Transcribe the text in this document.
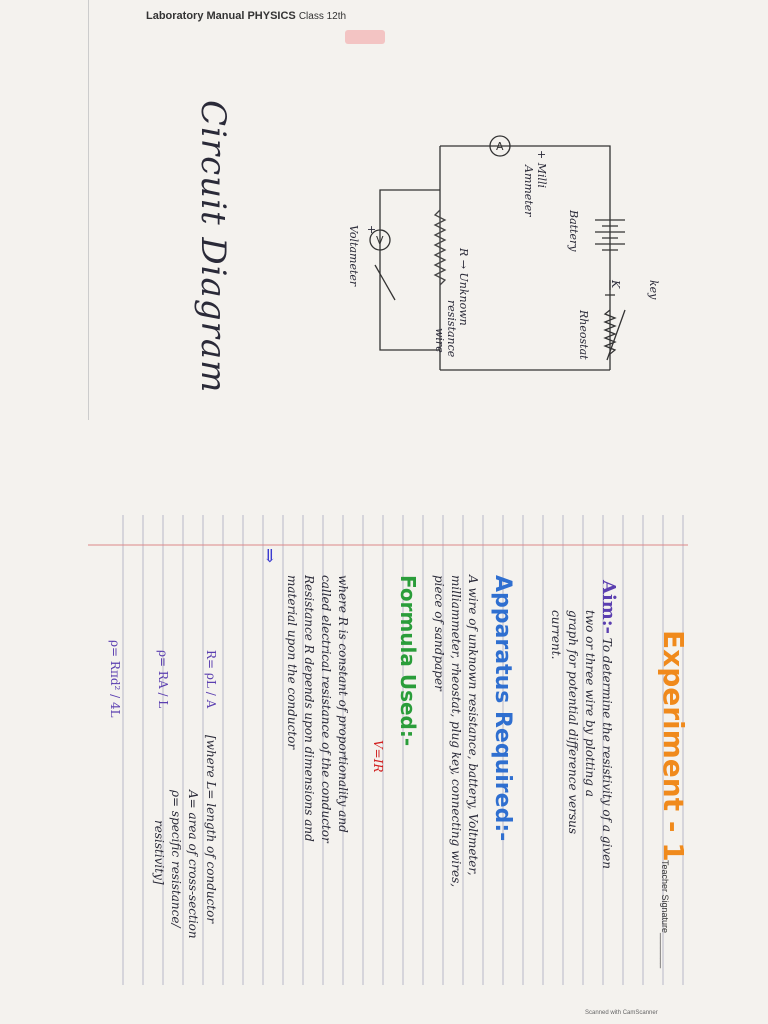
Laboratory Manual PHYSICS Class 12th
A
V
Circuit Diagram	+ Milli
Ammeter
Battery
key
K
Rheostat
R → Unknown
resistance
wire
Voltameter +
Experiment - 1
Aim:- To determine the resistivity of a given
two or three wire by plotting a
graph for potential difference versus
current.
Apparatus Required:-
A wire of unknown resistance, battery, Voltmeter,
milliammeter, rheostat, plug key, connecting wires,
piece of sandpaper
Formula Used:-
V=IR
where R is constant of proportionality and
called electrical resistance of the conductor
Resistance R depends upon dimensions and
material upon the conductor
⇒
R= ρL / A
[where L= length of conductor
A= area of cross-section
ρ= specific resistance/
resistivity]
ρ= RA / L
ρ= Rπd² / 4L
Teacher Signature_______
Scanned with CamScanner
